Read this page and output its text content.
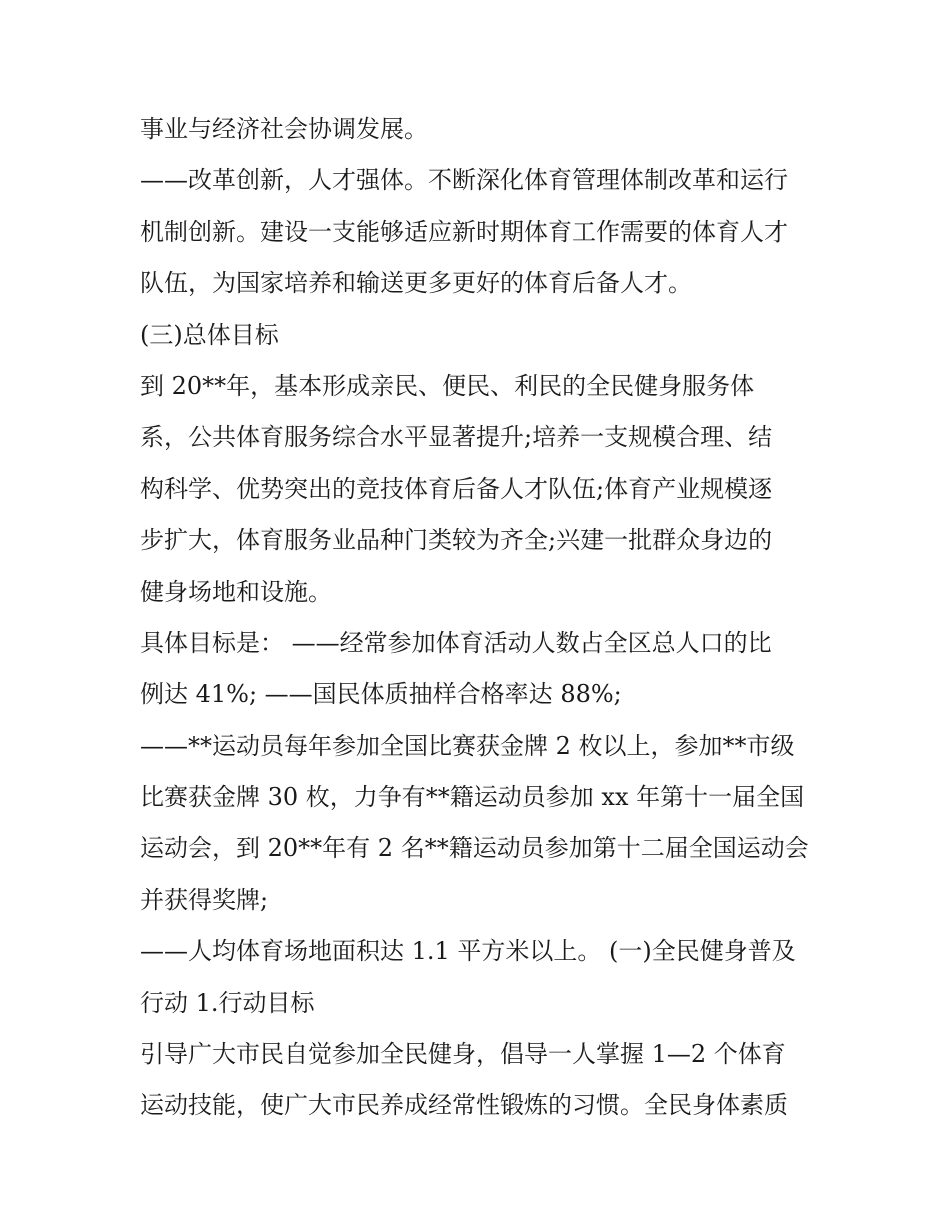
事业与经济社会协调发展。
——改革创新，人才强体。不断深化体育管理体制改革和运行
机制创新。建设一支能够适应新时期体育工作需要的体育人才
队伍，为国家培养和输送更多更好的体育后备人才。
(三)总体目标
到 20**年，基本形成亲民、便民、利民的全民健身服务体
系，公共体育服务综合水平显著提升;培养一支规模合理、结
构科学、优势突出的竞技体育后备人才队伍;体育产业规模逐
步扩大，体育服务业品种门类较为齐全;兴建一批群众身边的
健身场地和设施。
具体目标是： ——经常参加体育活动人数占全区总人口的比
例达 41%; ——国民体质抽样合格率达 88%;
——**运动员每年参加全国比赛获金牌 2 枚以上，参加**市级
比赛获金牌 30 枚，力争有**籍运动员参加 xx 年第十一届全国
运动会，到 20**年有 2 名**籍运动员参加第十二届全国运动会
并获得奖牌;
——人均体育场地面积达 1.1 平方米以上。 (一)全民健身普及
行动 1.行动目标
引导广大市民自觉参加全民健身，倡导一人掌握 1—2 个体育
运动技能，使广大市民养成经常性锻炼的习惯。全民身体素质
